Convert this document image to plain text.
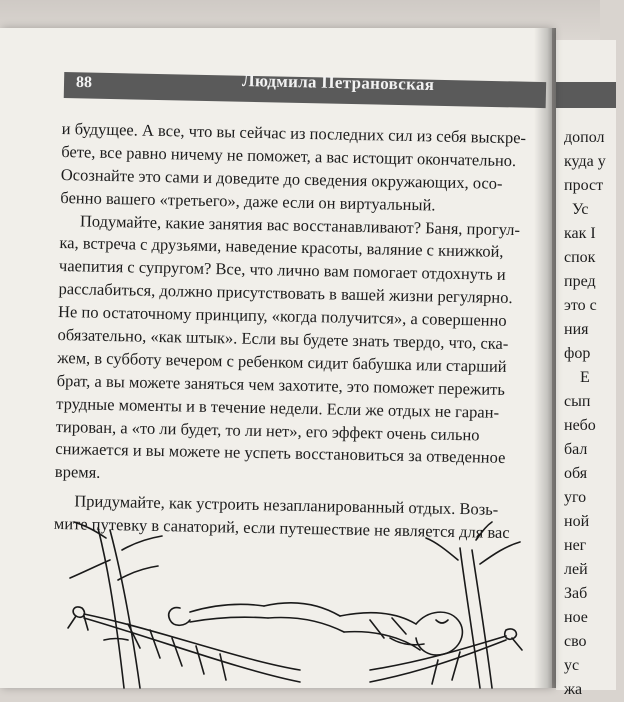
допол
куда у
прост
Ус
как I
спок
пред
это с
ния
фор
Е
сып
небо
бал
обя
уго
ной
нег
лей
Заб
ное
сво
ус
жа
88	Людмила Петрановская
и будущее. А все, что вы сейчас из последних сил из себя выскре-
бете, все равно ничему не поможет, а вас истощит окончательно.
Осознайте это сами и доведите до сведения окружающих, осо-
бенно вашего «третьего», даже если он виртуальный.
Подумайте, какие занятия вас восстанавливают? Баня, прогул-
ка, встреча с друзьями, наведение красоты, валяние с книжкой,
чаепития с супругом? Все, что лично вам помогает отдохнуть и
расслабиться, должно присутствовать в вашей жизни регулярно.
Не по остаточному принципу, «когда получится», а совершенно
обязательно, «как штык». Если вы будете знать твердо, что, ска-
жем, в субботу вечером с ребенком сидит бабушка или старший
брат, а вы можете заняться чем захотите, это поможет пережить
трудные моменты и в течение недели. Если же отдых не гаран-
тирован, а «то ли будет, то ли нет», его эффект очень сильно
снижается и вы можете не успеть восстановиться за отведенное
время.
Придумайте, как устроить незапланированный отдых. Возь-
мите путевку в санаторий, если путешествие не является для вас
